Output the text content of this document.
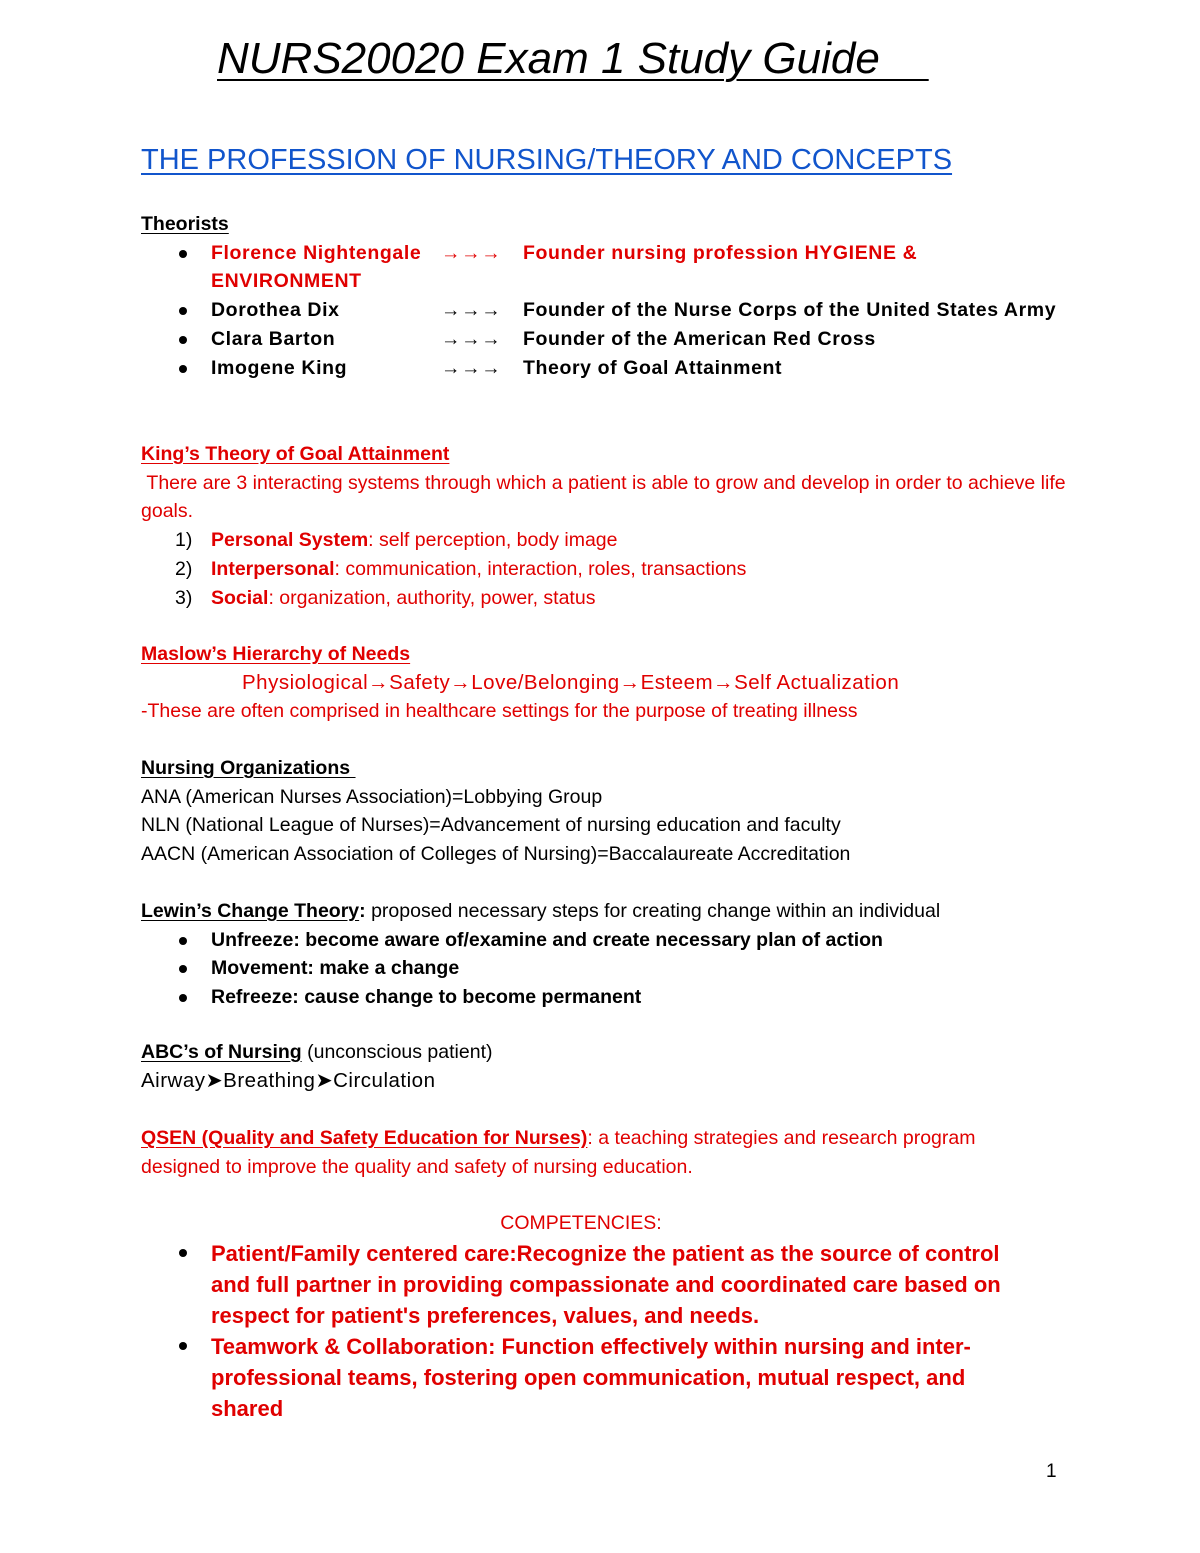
NURS20020 Exam 1 Study Guide
THE PROFESSION OF NURSING/THEORY AND CONCEPTS
Theorists
Florence Nightengale →→→ Founder nursing profession HYGIENE & ENVIRONMENT
Dorothea Dix	→→→ Founder of the Nurse Corps of the United States Army
Clara Barton	→→→ Founder of the American Red Cross
Imogene King	→→→ Theory of Goal Attainment
King’s Theory of Goal Attainment
There are 3 interacting systems through which a patient is able to grow and develop in order to achieve life goals.
1) Personal System: self perception, body image
2) Interpersonal: communication, interaction, roles, transactions
3) Social: organization, authority, power, status
Maslow’s Hierarchy of Needs
Physiological→Safety→Love/Belonging→Esteem→Self Actualization
-These are often comprised in healthcare settings for the purpose of treating illness
Nursing Organizations
ANA (American Nurses Association)=Lobbying Group
NLN (National League of Nurses)=Advancement of nursing education and faculty
AACN (American Association of Colleges of Nursing)=Baccalaureate Accreditation
Lewin’s Change Theory: proposed necessary steps for creating change within an individual
Unfreeze: become aware of/examine and create necessary plan of action
Movement: make a change
Refreeze: cause change to become permanent
ABC’s of Nursing (unconscious patient)
Airway➤Breathing➤Circulation
QSEN (Quality and Safety Education for Nurses): a teaching strategies and research program designed to improve the quality and safety of nursing education.
COMPETENCIES:
Patient/Family centered care:Recognize the patient as the source of control and full partner in providing compassionate and coordinated care based on respect for patient's preferences, values, and needs.
Teamwork & Collaboration: Function effectively within nursing and inter-professional teams, fostering open communication, mutual respect, and shared
1
